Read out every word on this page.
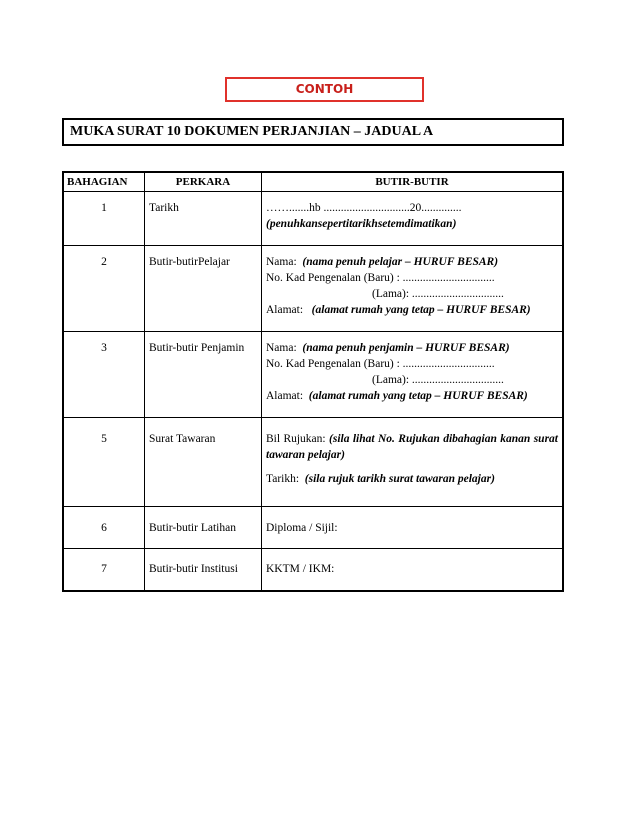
CONTOH
MUKA SURAT 10 DOKUMEN PERJANJIAN – JADUAL A
BAHAGIAN	PERKARA	BUTIR-BUTIR
1	Tarikh	…….......hb ..............................20..............
(penuhkansepertitarikhsetemdimatikan)

2	Butir-butirPelajar	Nama: (nama penuh pelajar – HURUF BESAR)
No. Kad Pengenalan (Baru) : ................................
(Lama): ................................
Alamat: (alamat rumah yang tetap – HURUF BESAR)

3	Butir-butir Penjamin	Nama: (nama penuh penjamin – HURUF BESAR)
No. Kad Pengenalan (Baru) : ................................
(Lama): ................................
Alamat: (alamat rumah yang tetap – HURUF BESAR)

5	Surat Tawaran	Bil Rujukan: (sila lihat No. Rujukan dibahagian kanan surat tawaran pelajar)
Tarikh: (sila rujuk tarikh surat tawaran pelajar)

6	Butir-butir Latihan	Diploma / Sijil:
7	Butir-butir Institusi	KKTM / IKM:
